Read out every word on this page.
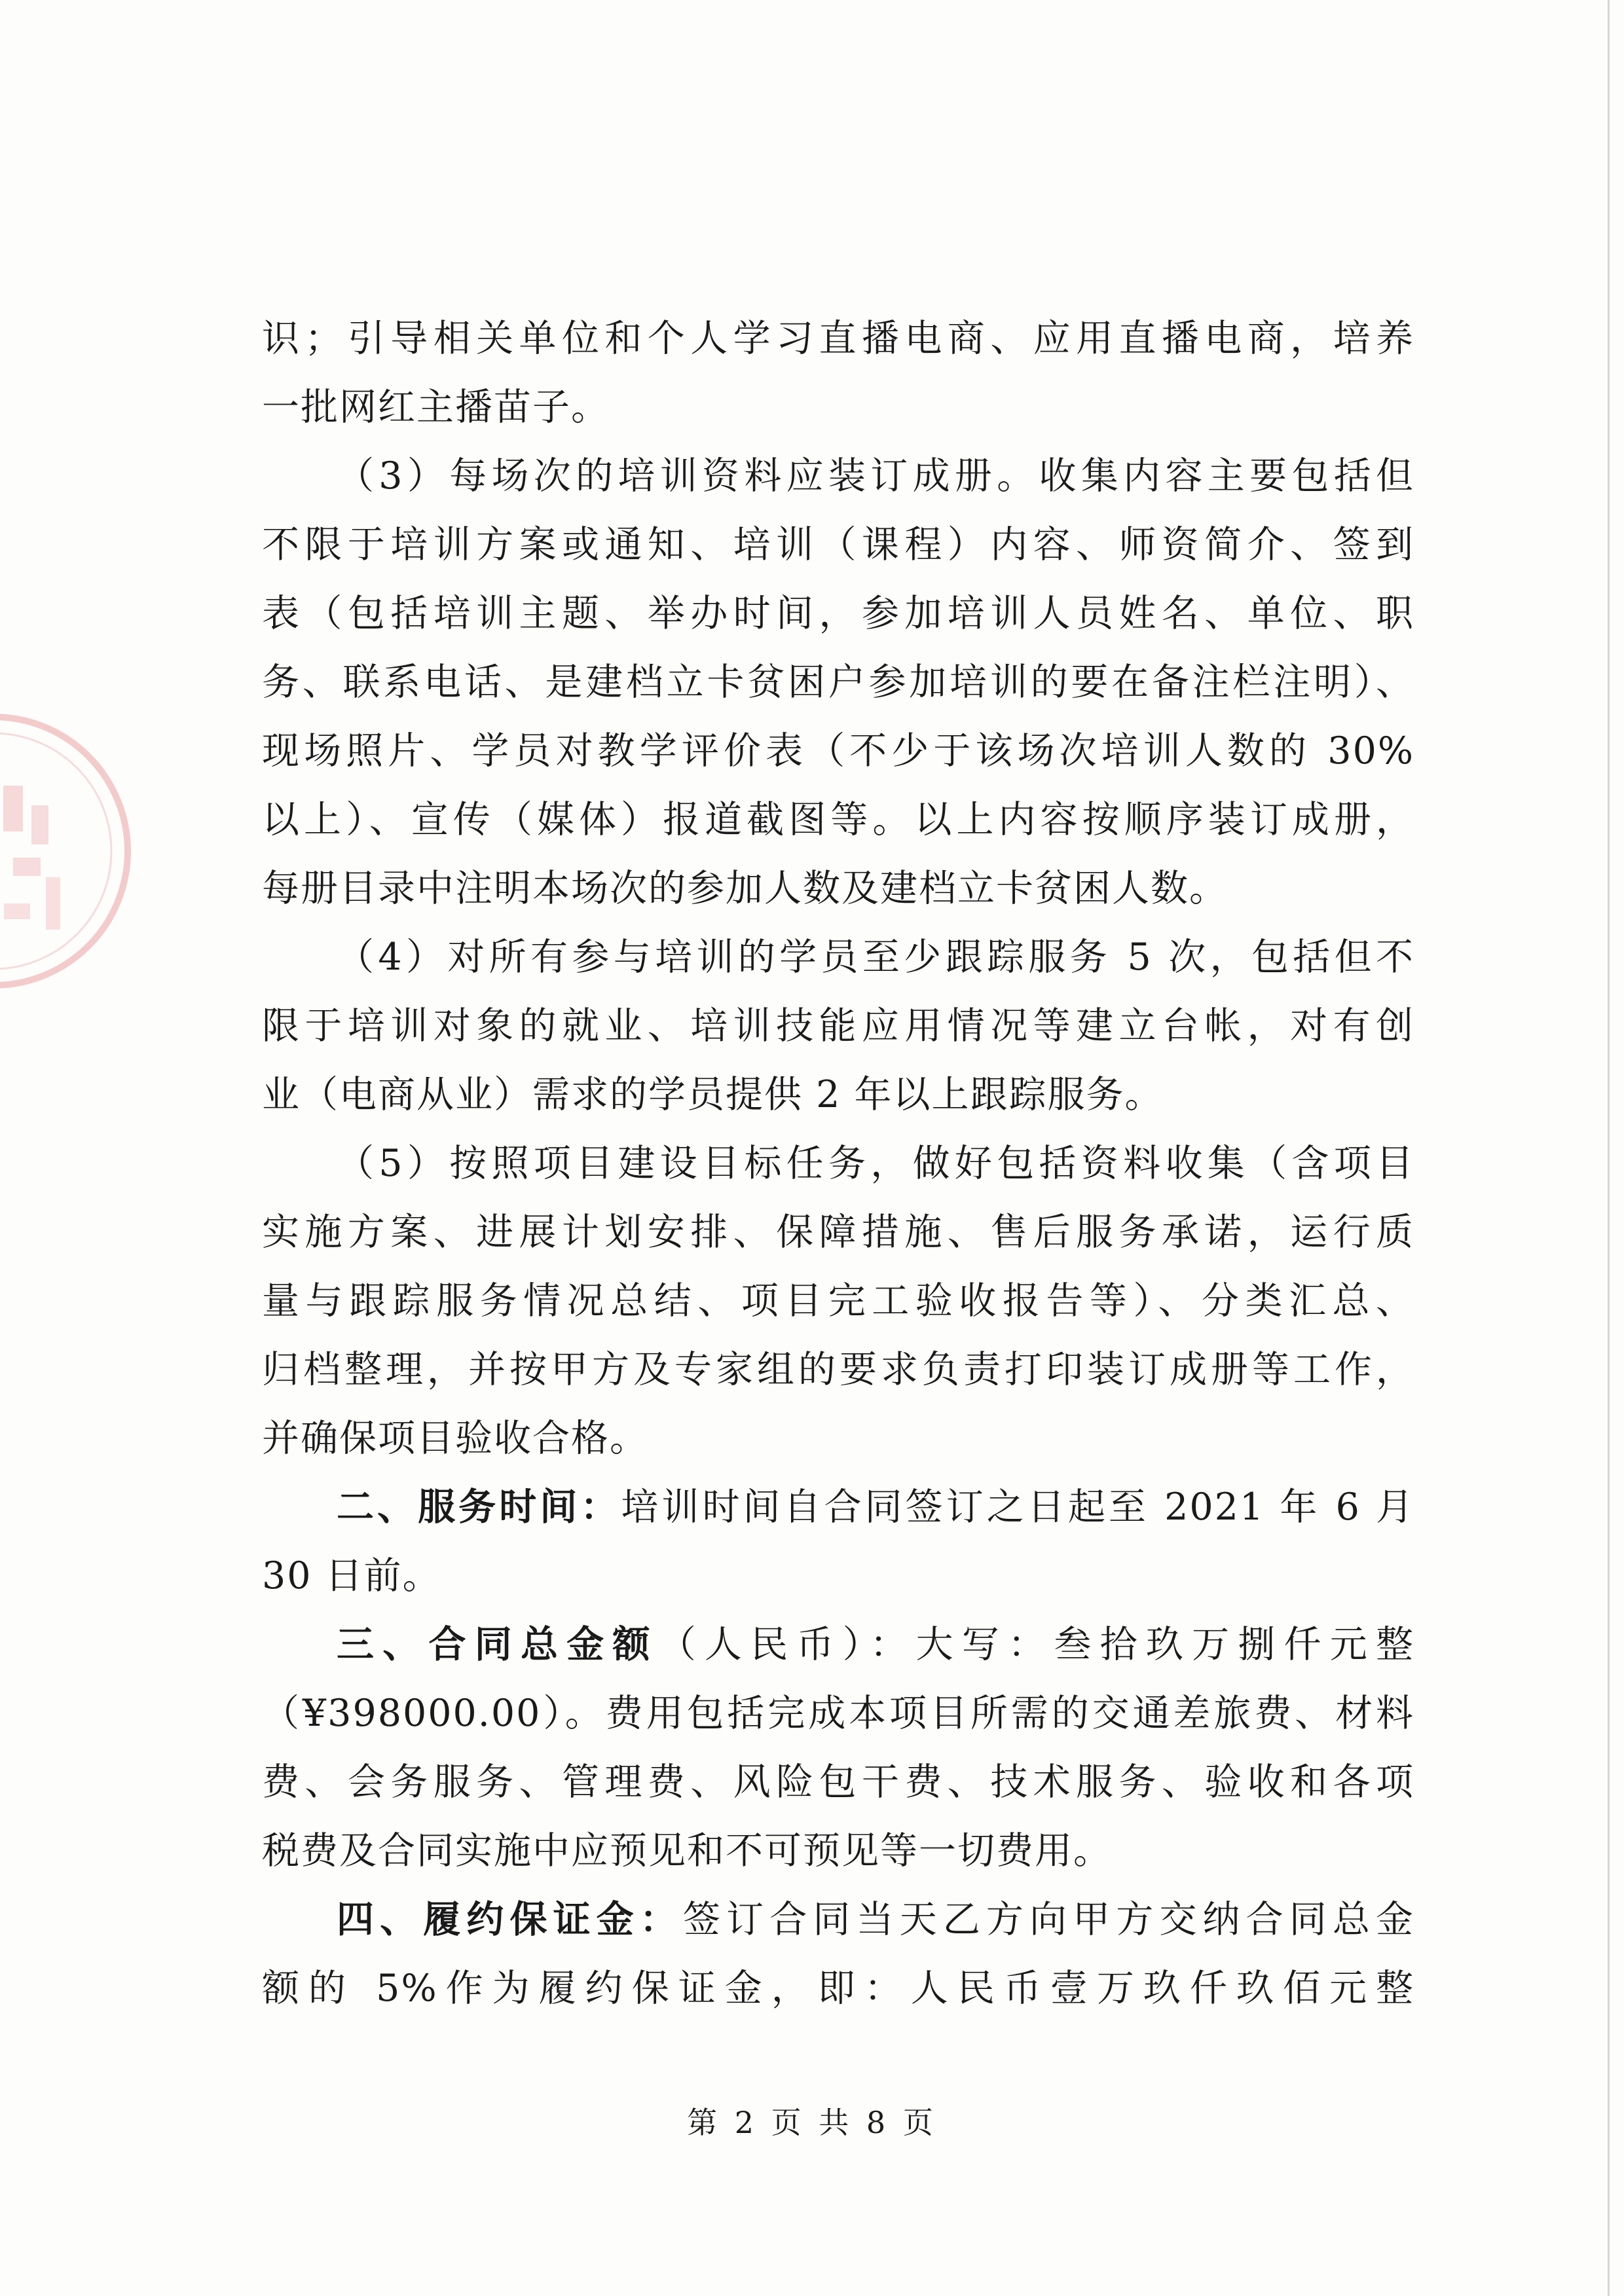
识；引导相关单位和个人学习直播电商、应用直播电商，培养
一批网红主播苗子。
（3）每场次的培训资料应装订成册。收集内容主要包括但
不限于培训方案或通知、培训（课程）内容、师资简介、签到
表（包括培训主题、举办时间，参加培训人员姓名、单位、职
务、联系电话、是建档立卡贫困户参加培训的要在备注栏注明）、
现场照片、学员对教学评价表（不少于该场次培训人数的 30%
以上）、宣传（媒体）报道截图等。以上内容按顺序装订成册，
每册目录中注明本场次的参加人数及建档立卡贫困人数。
（4）对所有参与培训的学员至少跟踪服务 5 次，包括但不
限于培训对象的就业、培训技能应用情况等建立台帐，对有创
业（电商从业）需求的学员提供 2 年以上跟踪服务。
（5）按照项目建设目标任务，做好包括资料收集（含项目
实施方案、进展计划安排、保障措施、售后服务承诺，运行质
量与跟踪服务情况总结、项目完工验收报告等）、分类汇总、
归档整理，并按甲方及专家组的要求负责打印装订成册等工作，
并确保项目验收合格。
二、服务时间：培训时间自合同签订之日起至 2021 年 6 月
30 日前。
三、合同总金额（人民币）：大写：叁拾玖万捌仟元整
（¥398000.00）。费用包括完成本项目所需的交通差旅费、材料
费、会务服务、管理费、风险包干费、技术服务、验收和各项
税费及合同实施中应预见和不可预见等一切费用。
四、履约保证金：签订合同当天乙方向甲方交纳合同总金
额的 5%作为履约保证金，即：人民币壹万玖仟玖佰元整
第 2 页 共 8 页
